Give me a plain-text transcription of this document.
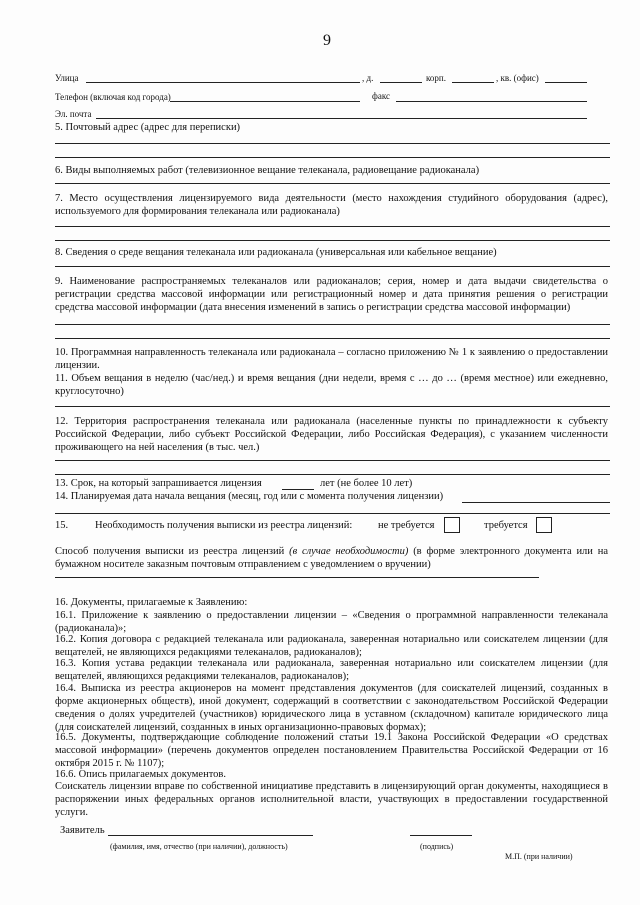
9
Улица	, д.	корп.	, кв. (офис)
Телефон (включая код города)	факс
Эл. почта
5. Почтовый адрес (адрес для переписки)
6. Виды выполняемых работ (телевизионное вещание телеканала, радиовещание радиоканала)
7. Место осуществления лицензируемого вида деятельности (место нахождения студийного оборудования (адрес), используемого для формирования телеканала или радиоканала)
8. Сведения о среде вещания телеканала или радиоканала (универсальная или кабельное вещание)
9. Наименование распространяемых телеканалов или радиоканалов; серия, номер и дата выдачи свидетельства о регистрации средства массовой информации или регистрационный номер и дата принятия решения о регистрации средства массовой информации (дата внесения изменений в запись о регистрации средства массовой информации)
10. Программная направленность телеканала или радиоканала – согласно приложению № 1 к заявлению о предоставлении лицензии.
11. Объем вещания в неделю (час/нед.) и время вещания (дни недели, время с … до … (время местное) или ежедневно, круглосуточно)
12. Территория распространения телеканала или радиоканала (населенные пункты по принадлежности к субъекту Российской Федерации, либо субъект Российской Федерации, либо Российская Федерация), с указанием численности проживающего на ней населения (в тыс. чел.)
13. Срок, на который запрашивается лицензия	лет (не более 10 лет)
14. Планируемая дата начала вещания (месяц, год или с момента получения лицензии)
15.	Необходимость получения выписки из реестра лицензий: не требуется	требуется
Способ получения выписки из реестра лицензий (в случае необходимости) (в форме электронного документа или на бумажном носителе заказным почтовым отправлением с уведомлением о вручении)
16. Документы, прилагаемые к Заявлению:
16.1. Приложение к заявлению о предоставлении лицензии – «Сведения о программной направленности телеканала (радиоканала)»;
16.2. Копия договора с редакцией телеканала или радиоканала, заверенная нотариально или соискателем лицензии (для вещателей, не являющихся редакциями телеканалов, радиоканалов);
16.3. Копия устава редакции телеканала или радиоканала, заверенная нотариально или соискателем лицензии (для вещателей, являющихся редакциями телеканалов, радиоканалов);
16.4. Выписка из реестра акционеров на момент представления документов (для соискателей лицензий, созданных в форме акционерных обществ), иной документ, содержащий в соответствии с законодательством Российской Федерации сведения о долях учредителей (участников) юридического лица в уставном (складочном) капитале юридического лица (для соискателей лицензий, созданных в иных организационно-правовых формах);
16.5. Документы, подтверждающие соблюдение положений статьи 19.1 Закона Российской Федерации «О средствах массовой информации» (перечень документов определен постановлением Правительства Российской Федерации от 16 октября 2015 г. № 1107);
16.6. Опись прилагаемых документов.
Соискатель лицензии вправе по собственной инициативе представить в лицензирующий орган документы, находящиеся в распоряжении иных федеральных органов исполнительной власти, участвующих в предоставлении государственной услуги.
Заявитель
(фамилия, имя, отчество (при наличии), должность)	(подпись)
М.П. (при наличии)
